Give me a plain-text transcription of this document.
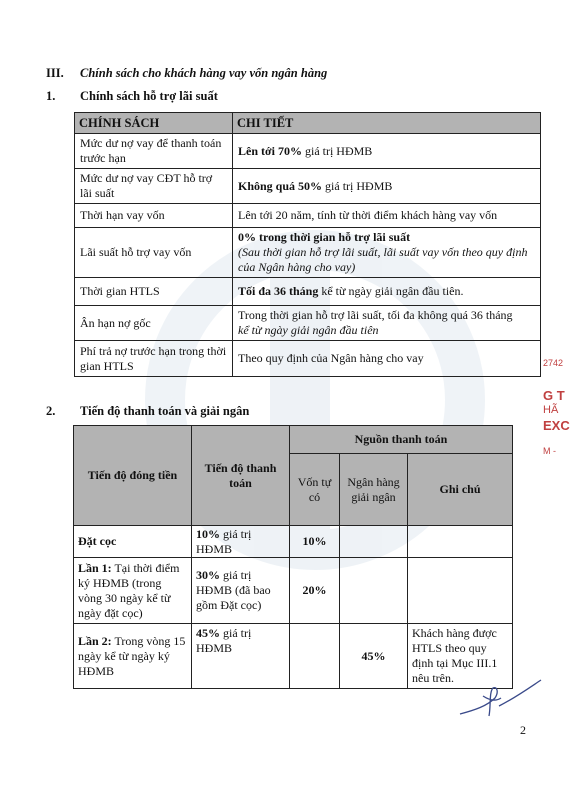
III. Chính sách cho khách hàng vay vốn ngân hàng
1. Chính sách hỗ trợ lãi suất
CHÍNH SÁCH	CHI TIẾT
Mức dư nợ vay để thanh toán trước hạn	Lên tới 70% giá trị HĐMB
Mức dư nợ vay CĐT hỗ trợ lãi suất	Không quá 50% giá trị HĐMB
Thời hạn vay vốn	Lên tới 20 năm, tính từ thời điểm khách hàng vay vốn
Lãi suất hỗ trợ vay vốn	0% trong thời gian hỗ trợ lãi suất
(Sau thời gian hỗ trợ lãi suất, lãi suất vay vốn theo quy định của Ngân hàng cho vay)
Thời gian HTLS	Tối đa 36 tháng kể từ ngày giải ngân đầu tiên.
Ân hạn nợ gốc	Trong thời gian hỗ trợ lãi suất, tối đa không quá 36 tháng
kể từ ngày giải ngân đầu tiên
Phí trả nợ trước hạn trong thời gian HTLS	Theo quy định của Ngân hàng cho vay
2. Tiến độ thanh toán và giải ngân
Tiến độ đóng tiền	Tiến độ thanh toán	Nguồn thanh toán		
		Vốn tự có	Ngân hàng giải ngân	Ghi chú
Đặt cọc	10% giá trị HĐMB	10%		
Lần 1: Tại thời điểm ký HĐMB (trong vòng 30 ngày kể từ ngày đặt cọc)	30% giá trị HĐMB (đã bao gồm Đặt cọc)	20%		
Lần 2: Trong vòng 15 ngày kể từ ngày ký HĐMB	45% giá trị HĐMB		45%	Khách hàng được HTLS theo quy định tại Mục III.1 nêu trên.
2742
G T
HÃ
EXC
M -
2
